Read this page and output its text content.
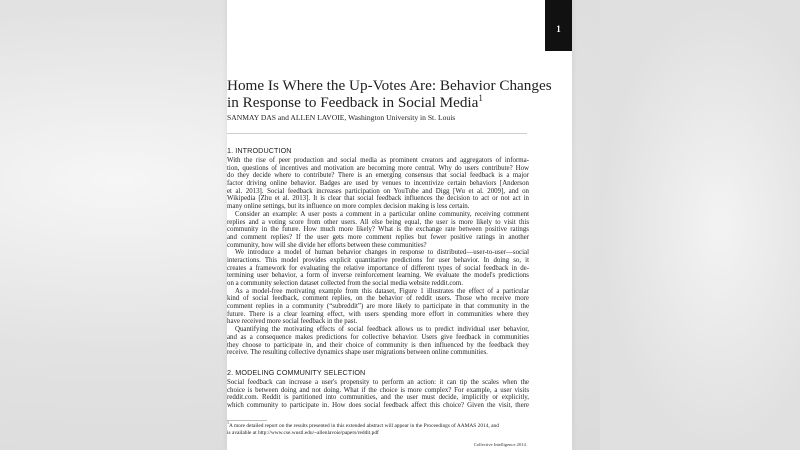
Home Is Where the Up-Votes Are: Behavior Changes in Response to Feedback in Social Media$^1$
SANMAY DAS and ALLEN LAVOIE, Washington University in St. Louis
1. INTRODUCTION
With the rise of peer production and social media as prominent creators and aggregators of informa-
tion, questions of incentives and motivation are becoming more central. Why do users contribute? How
do they decide where to contribute? There is an emerging consensus that social feedback is a major
factor driving online behavior. Badges are used by venues to incentivize certain behaviors [Anderson
et al. 2013]. Social feedback increases participation on YouTube and Digg [Wu et al. 2009], and on
Wikipedia [Zhu et al. 2013]. It is clear that social feedback influences the decision to act or not act in
many online settings, but its influence on more complex decision making is less certain.
Consider an example: A user posts a comment in a particular online community, receiving comment
replies and a voting score from other users. All else being equal, the user is more likely to visit this
community in the future. How much more likely? What is the exchange rate between positive ratings
and comment replies? If the user gets more comment replies but fewer positive ratings in another
community, how will she divide her efforts between these communities?
We introduce a model of human behavior changes in response to distributed—user-to-user—social
interactions. This model provides explicit quantitative predictions for user behavior. In doing so, it
creates a framework for evaluating the relative importance of different types of social feedback in de-
termining user behavior, a form of inverse reinforcement learning. We evaluate the model's predictions
on a community selection dataset collected from the social media website reddit.com.
As a model-free motivating example from this dataset, Figure 1 illustrates the effect of a particular
kind of social feedback, comment replies, on the behavior of reddit users. Those who receive more
comment replies in a community (“subreddit”) are more likely to participate in that community in the
future. There is a clear learning effect, with users spending more effort in communities where they
have received more social feedback in the past.
Quantifying the motivating effects of social feedback allows us to predict individual user behavior,
and as a consequence makes predictions for collective behavior. Users give feedback in communities
they choose to participate in, and their choice of community is then influenced by the feedback they
receive. The resulting collective dynamics shape user migrations between online communities.
2. MODELING COMMUNITY SELECTION
Social feedback can increase a user's propensity to perform an action: it can tip the scales when the
choice is between doing and not doing. What if the choice is more complex? For example, a user visits
reddit.com. Reddit is partitioned into communities, and the user must decide, implicitly or explicitly,
which community to participate in. How does social feedback affect this choice? Given the visit, there
$^1$A more detailed report on the results presented in this extended abstract will appear in the Proceedings of AAMAS 2014, and
is available at http://www.cse.wustl.edu/~allenlavoie/papers/reddit.pdf
Collective Intelligence 2014.
1
